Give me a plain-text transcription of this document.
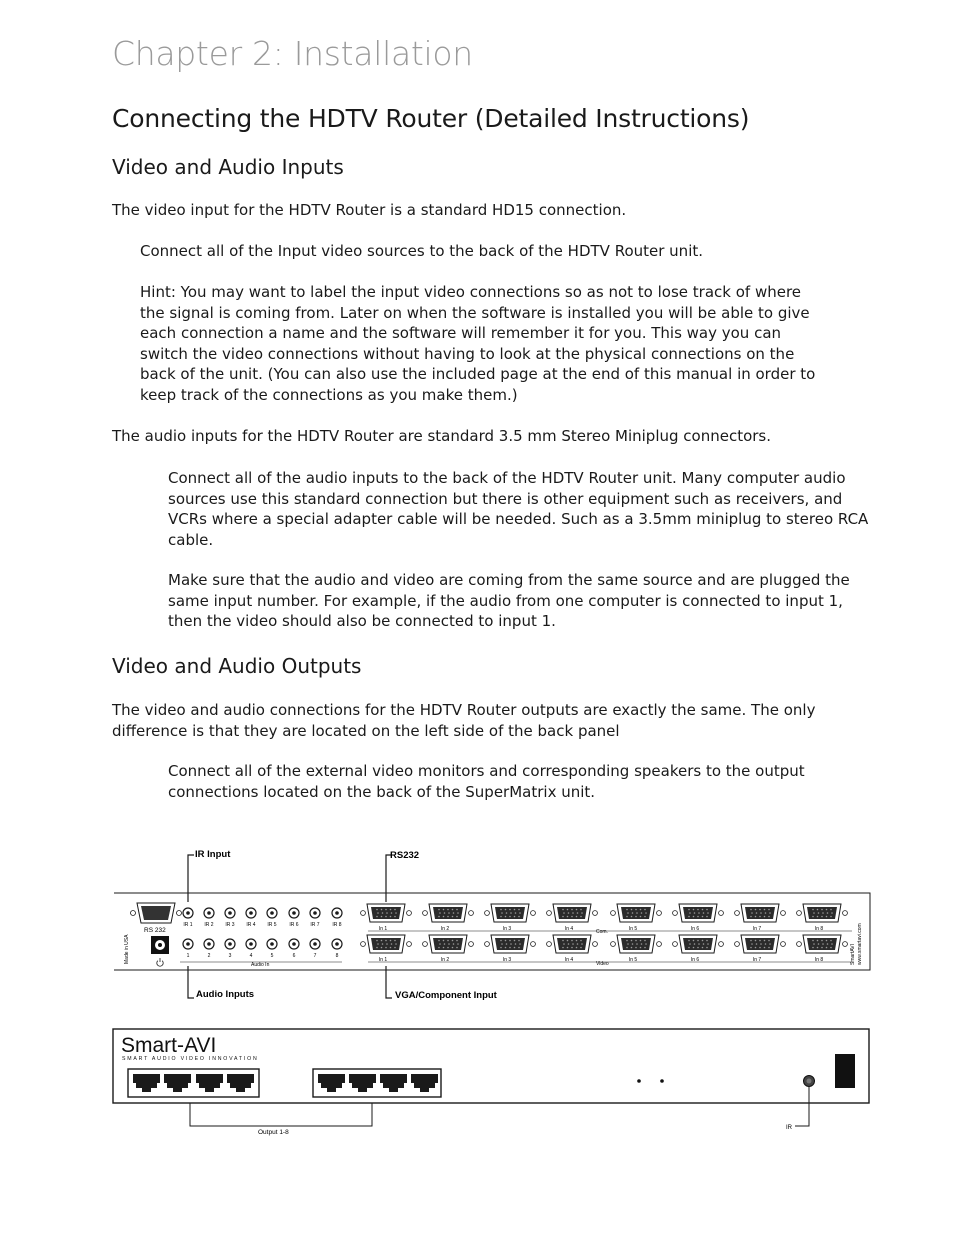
Chapter 2: Installation
Connecting the HDTV Router (Detailed Instructions)
Video and Audio Inputs
The video input for the HDTV Router is a standard HD15 connection.
Connect all of the Input video sources to the back of the HDTV Router unit.
Hint: You may want to label the input video connections so as not to lose track of where the signal is coming from. Later on when the software is installed you will be able to give each connection a name and the software will remember it for you. This way you can switch the video connections without having to look at the physical connections on the back of the unit. (You can also use the included page at the end of this manual in order to keep track of the connections as you make them.)
The audio inputs for the HDTV Router are standard 3.5 mm Stereo Miniplug connectors.
Connect all of the audio inputs to the back of the HDTV Router unit. Many computer audio sources use this standard connection but there is other equipment such as receivers, and VCRs where a special adapter cable will be needed. Such as a 3.5mm miniplug to stereo RCA cable.
Make sure that the audio and video are coming from the same source and are plugged the same input number. For example, if the audio from one computer is connected to input 1, then the video should also be connected to input 1.
Video and Audio Outputs
The video and audio connections for the HDTV Router outputs are exactly the same. The only difference is that they are located on the left side of the back panel
Connect all of the external video monitors and corresponding speakers to the output connections located on the back of the SuperMatrix unit.
IR Input	RS232
Audio Inputs	VGA/Component Input
Made in USA
RS 232
IR 1 IR 2 IR 3 IR 4 IR 5	IR 6 IR 7	IR 8
1	2	3	4	5	6	7	8
Audio In
In 1	In 2	In 3	In 4	In 5	In 6	In 7	In 8
In 1	In 2	In 3	In 4	In 5	In 6	In 7	In 8
Com.
Video	SmartAVI www.smartavi.com
Smart-AVI
SMART AUDIO VIDEO INNOVATION
Output 1-8
IR
